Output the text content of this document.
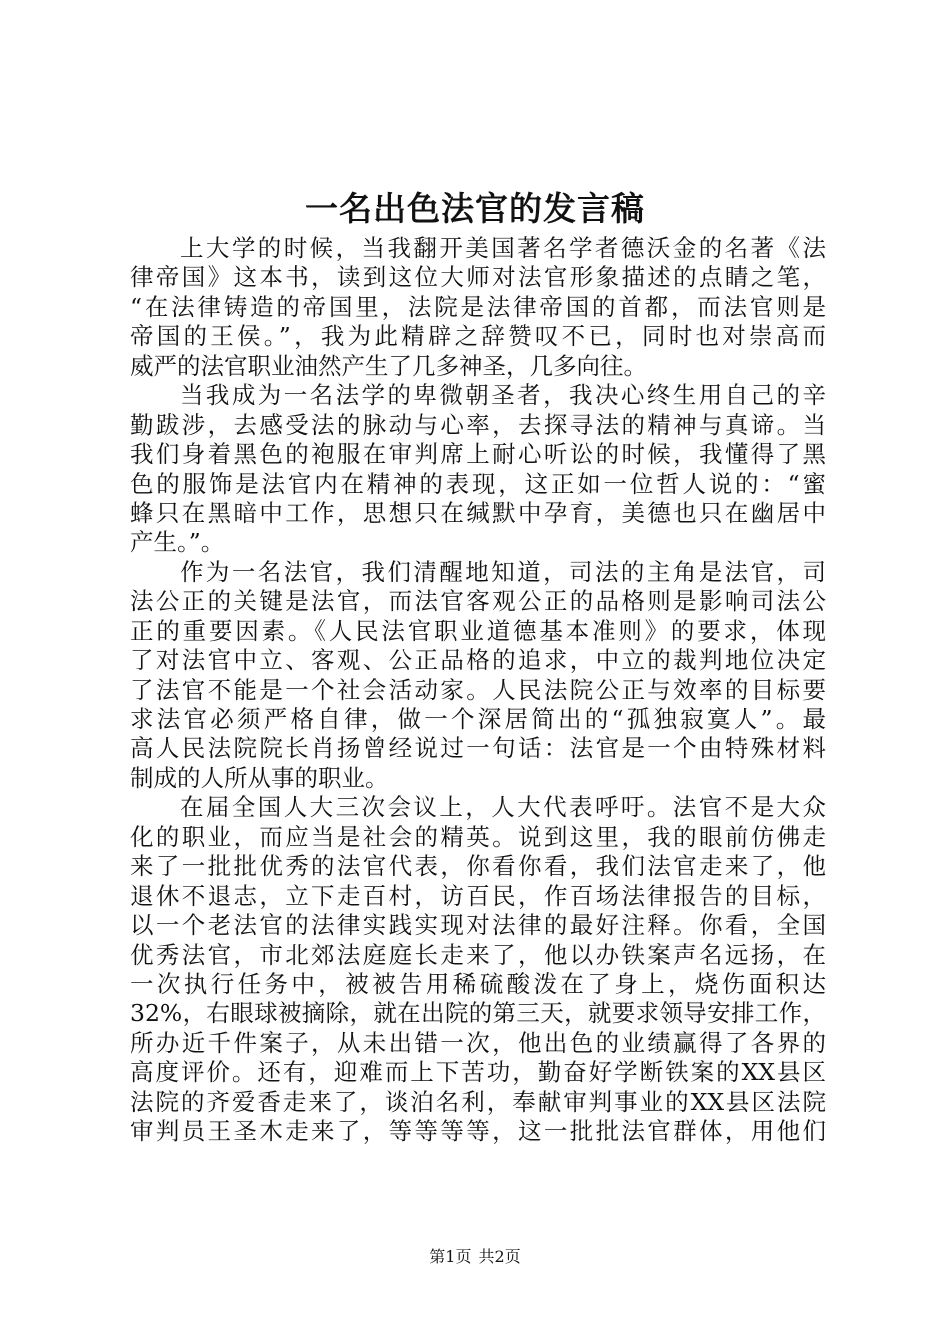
一名出色法官的发言稿
上大学的时候，当我翻开美国著名学者德沃金的名著《法
律帝国》这本书，读到这位大师对法官形象描述的点睛之笔，
“在法律铸造的帝国里，法院是法律帝国的首都，而法官则是
帝国的王侯。”，我为此精辟之辞赞叹不已，同时也对崇高而
威严的法官职业油然产生了几多神圣，几多向往。
当我成为一名法学的卑微朝圣者，我决心终生用自己的辛
勤跋涉，去感受法的脉动与心率，去探寻法的精神与真谛。当
我们身着黑色的袍服在审判席上耐心听讼的时候，我懂得了黑
色的服饰是法官内在精神的表现，这正如一位哲人说的：“蜜
蜂只在黑暗中工作，思想只在缄默中孕育，美德也只在幽居中
产生。”。
作为一名法官，我们清醒地知道，司法的主角是法官，司
法公正的关键是法官，而法官客观公正的品格则是影响司法公
正的重要因素。《人民法官职业道德基本准则》的要求，体现
了对法官中立、客观、公正品格的追求，中立的裁判地位决定
了法官不能是一个社会活动家。人民法院公正与效率的目标要
求法官必须严格自律，做一个深居简出的“孤独寂寞人”。最
高人民法院院长肖扬曾经说过一句话：法官是一个由特殊材料
制成的人所从事的职业。
在届全国人大三次会议上，人大代表呼吁。法官不是大众
化的职业，而应当是社会的精英。说到这里，我的眼前仿佛走
来了一批批优秀的法官代表，你看你看，我们法官走来了，他
退休不退志，立下走百村，访百民，作百场法律报告的目标，
以一个老法官的法律实践实现对法律的最好注释。你看，全国
优秀法官，市北郊法庭庭长走来了，他以办铁案声名远扬，在
一次执行任务中，被被告用稀硫酸泼在了身上，烧伤面积达
32%，右眼球被摘除，就在出院的第三天，就要求领导安排工作，
所办近千件案子，从未出错一次，他出色的业绩赢得了各界的
高度评价。还有，迎难而上下苦功，勤奋好学断铁案的XX县区
法院的齐爱香走来了，谈泊名利，奉献审判事业的XX县区法院
审判员王圣木走来了，等等等等，这一批批法官群体，用他们
第1页 共2页
